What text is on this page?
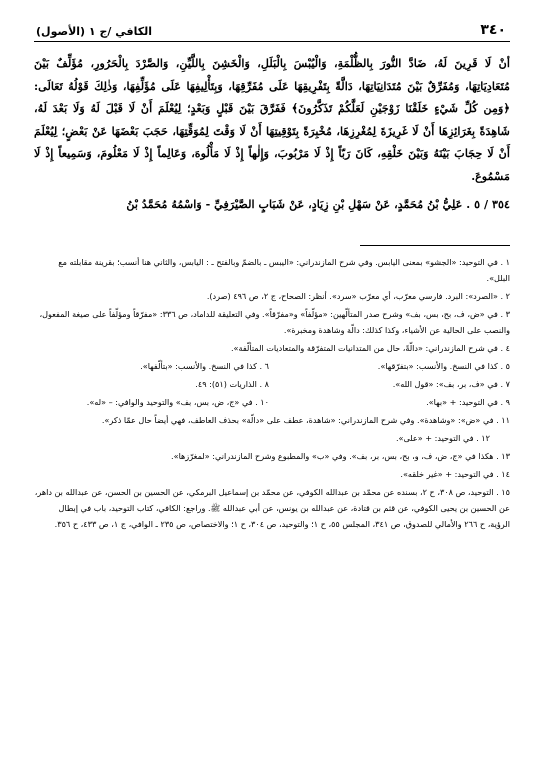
٣٤٠
الكافي /ج ١ (الأصول)
أنْ لَا قَرِينَ لَهُ، ضَادَّ النُّورَ بِالظُّلْمَةِ، وَالْيُبْسَ بِالْبَلَلِ، وَالْخَشِنَ بِاللَّيِّنِ، وَالصَّرْدَ بِالْحَرُورِ، مُؤَلِّفٌ بَيْنَ مُتَعَادِيَاتِهَا، وَمُفَرِّقٌ بَيْنَ مُتَدَانِيَاتِهَا، دَالَّةً بِتَفْرِيقِهَا عَلَى مُفَرِّقِهَا، وَبِتَأْلِيفِهَا عَلَى مُؤَلِّفِهَا، وَذٰلِكَ قَوْلُهُ تَعَالَى: ﴿وَمِن كُلِّ شَيْءٍ خَلَقْنَا زَوْجَيْنِ لَعَلَّكُمْ تَذَكَّرُونَ﴾ فَفَرَّقَ بَيْنَ قَبْلٍ وَبَعْدٍ؛ لِيُعْلَمَ أَنْ لَا قَبْلَ لَهُ وَلَا بَعْدَ لَهُ، شَاهِدَةً بِغَرَائِزِهَا أَنْ لَا غَرِيزَةَ لِمُغْرِزِهَا، مُخْبِرَةً بِتَوْقِيتِهَا أَنْ لَا وَقْتَ لِمُوَقِّتِهَا، حَجَبَ بَعْضَهَا عَنْ بَعْضٍ؛ لِيُعْلَمَ أَنْ لَا حِجَابَ بَيْنَهُ وَبَيْنَ خَلْقِهِ، كَانَ رَبّاً إِذْ لَا مَرْبُوبَ، وَإِلٰهاً إِذْ لَا مَأْلُوهَ، وَعَالِماً إِذْ لَا مَعْلُومَ، وَسَمِيعاً إِذْ لَا مَسْمُوعَ.
٣٥٤ / ٥ . عَلِيُّ بْنُ مُحَمَّدٍ، عَنْ سَهْلِ بْنِ زِيَادٍ، عَنْ شَبَابٍ الصَّيْرَفِيِّ - وَاسْمُهُ مُحَمَّدُ بْنُ
١ . في التوحيد: «الجشو» بمعنى اليابس. وفي شرح المازندراني: «اليبس ـ بالضمّ وبالفتح ـ : اليابس، والثاني هنا أنسب؛ بقرينة مقابلته مع البلل».
٢ . «الصرد»: البرد. فارسي معرّب، أي معرّب «سرد». أنظر: الصحاح، ج ٢، ص ٤٩٦ (صرد).
٣ . في «ض، ف، بح، بس، بف» وشرح صدر المتألّهين: «مؤلّفاً» و«مفرّقاً». وفي التعليقة للداماد، ص ٣٣٦: «مفرّقاً ومؤلّفاً على صيغة المفعول، والنصب على الحالية عن الأشياء، وكذا كذلك: دالّة وشاهدة ومخبرة».
٤ . في شرح المازندراني: «دالّةً، حال من المتدانيات المتفرّقة والمتعاديات المتألّفة».
٥ . كذا في النسخ. والأنسب: «بتفرّقها».
٦ . كذا في النسخ. والأنسب: «بتألّفها».
٧ . في «ف، بر، بف»: «قول الله».
٨ . الذاريات (٥١): ٤٩.
٩ . في التوحيد: + «بها».
١٠ . في «ج، ض، بس، بف» والتوحيد والوافي: – «له».
١١ . في «ض»: «وشاهدة». وفي شرح المازندراني: «شاهدة، عطف على «دالّة» بحذف العاطف، فهي أيضاً حال عمّا ذكر».
١٢ . في التوحيد: + «على».
١٣ . هكذا في «ج، ض، ف، و، بح، بس، بر، بف». وفي «ب» والمطبوع وشرح المازندراني: «لمغرّزها».
١٤ . في التوحيد: + «غير خلقه».
١٥ . التوحيد، ص ٣٠٨، ح ٢، بسنده عن محمّد بن عبدالله الكوفي، عن محمّد بن إسماعيل البرمكي، عن الحسين بن الحسن، عن عبدالله بن داهر، عن الحسين بن يحيى الكوفي، عن قثم بن قتادة، عن عبدالله بن يونس، عن أبي عبدالله ﷺ. وراجع: الكافي، كتاب التوحيد، باب في إبطال الرؤية، ح ٢٦٦ والأمالي للصدوق، ص ٣٤١، المجلس ٥٥، ح ١؛ والتوحيد، ص ٣٠٤، ح ١؛ والاختصاص، ص ٢٣٥ ـ الوافي، ج ١، ص ٤٣٣، ح ٣٥٦.
